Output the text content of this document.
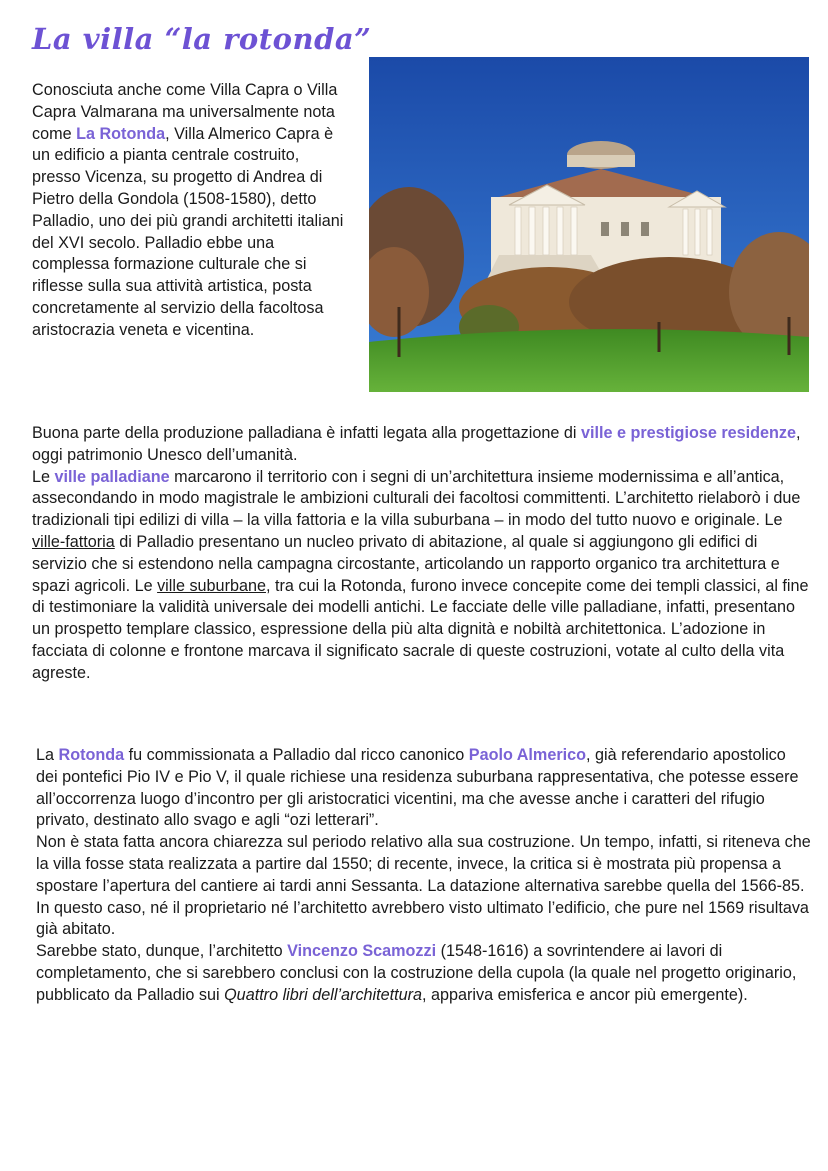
La villa “la rotonda”
Conosciuta anche come Villa Capra o Villa Capra Valmarana ma universalmente nota come La Rotonda, Villa Almerico Capra è un edificio a pianta centrale costruito, presso Vicenza, su progetto di Andrea di Pietro della Gondola (1508-1580), detto Palladio, uno dei più grandi architetti italiani del XVI secolo. Palladio ebbe una complessa formazione culturale che si riflesse sulla sua attività artistica, posta concretamente al servizio della facoltosa aristocrazia veneta e vicentina.
Buona parte della produzione palladiana è infatti legata alla progettazione di ville e prestigiose residenze, oggi patrimonio Unesco dell’umanità.
Le ville palladiane marcarono il territorio con i segni di un’architettura insieme modernissima e all’antica, assecondando in modo magistrale le ambizioni culturali dei facoltosi committenti. L’architetto rielaborò i due tradizionali tipi edilizi di villa – la villa fattoria e la villa suburbana – in modo del tutto nuovo e originale. Le ville-fattoria di Palladio presentano un nucleo privato di abitazione, al quale si aggiungono gli edifici di servizio che si estendono nella campagna circostante, articolando un rapporto organico tra architettura e spazi agricoli. Le ville suburbane, tra cui la Rotonda, furono invece concepite come dei templi classici, al fine di testimoniare la validità universale dei modelli antichi. Le facciate delle ville palladiane, infatti, presentano un prospetto templare classico, espressione della più alta dignità e nobiltà architettonica. L’adozione in facciata di colonne e frontone marcava il significato sacrale di queste costruzioni, votate al culto della vita agreste.
La Rotonda fu commissionata a Palladio dal ricco canonico Paolo Almerico, già referendario apostolico dei pontefici Pio IV e Pio V, il quale richiese una residenza suburbana rappresentativa, che potesse essere all’occorrenza luogo d’incontro per gli aristocratici vicentini, ma che avesse anche i caratteri del rifugio privato, destinato allo svago e agli “ozi letterari”.
Non è stata fatta ancora chiarezza sul periodo relativo alla sua costruzione. Un tempo, infatti, si riteneva che la villa fosse stata realizzata a partire dal 1550; di recente, invece, la critica si è mostrata più propensa a spostare l’apertura del cantiere ai tardi anni Sessanta. La datazione alternativa sarebbe quella del 1566-85. In questo caso, né il proprietario né l’architetto avrebbero visto ultimato l’edificio, che pure nel 1569 risultava già abitato.
Sarebbe stato, dunque, l’architetto Vincenzo Scamozzi (1548-1616) a sovrintendere ai lavori di completamento, che si sarebbero conclusi con la costruzione della cupola (la quale nel progetto originario, pubblicato da Palladio sui Quattro libri dell’architettura, appariva emisferica e ancor più emergente).
